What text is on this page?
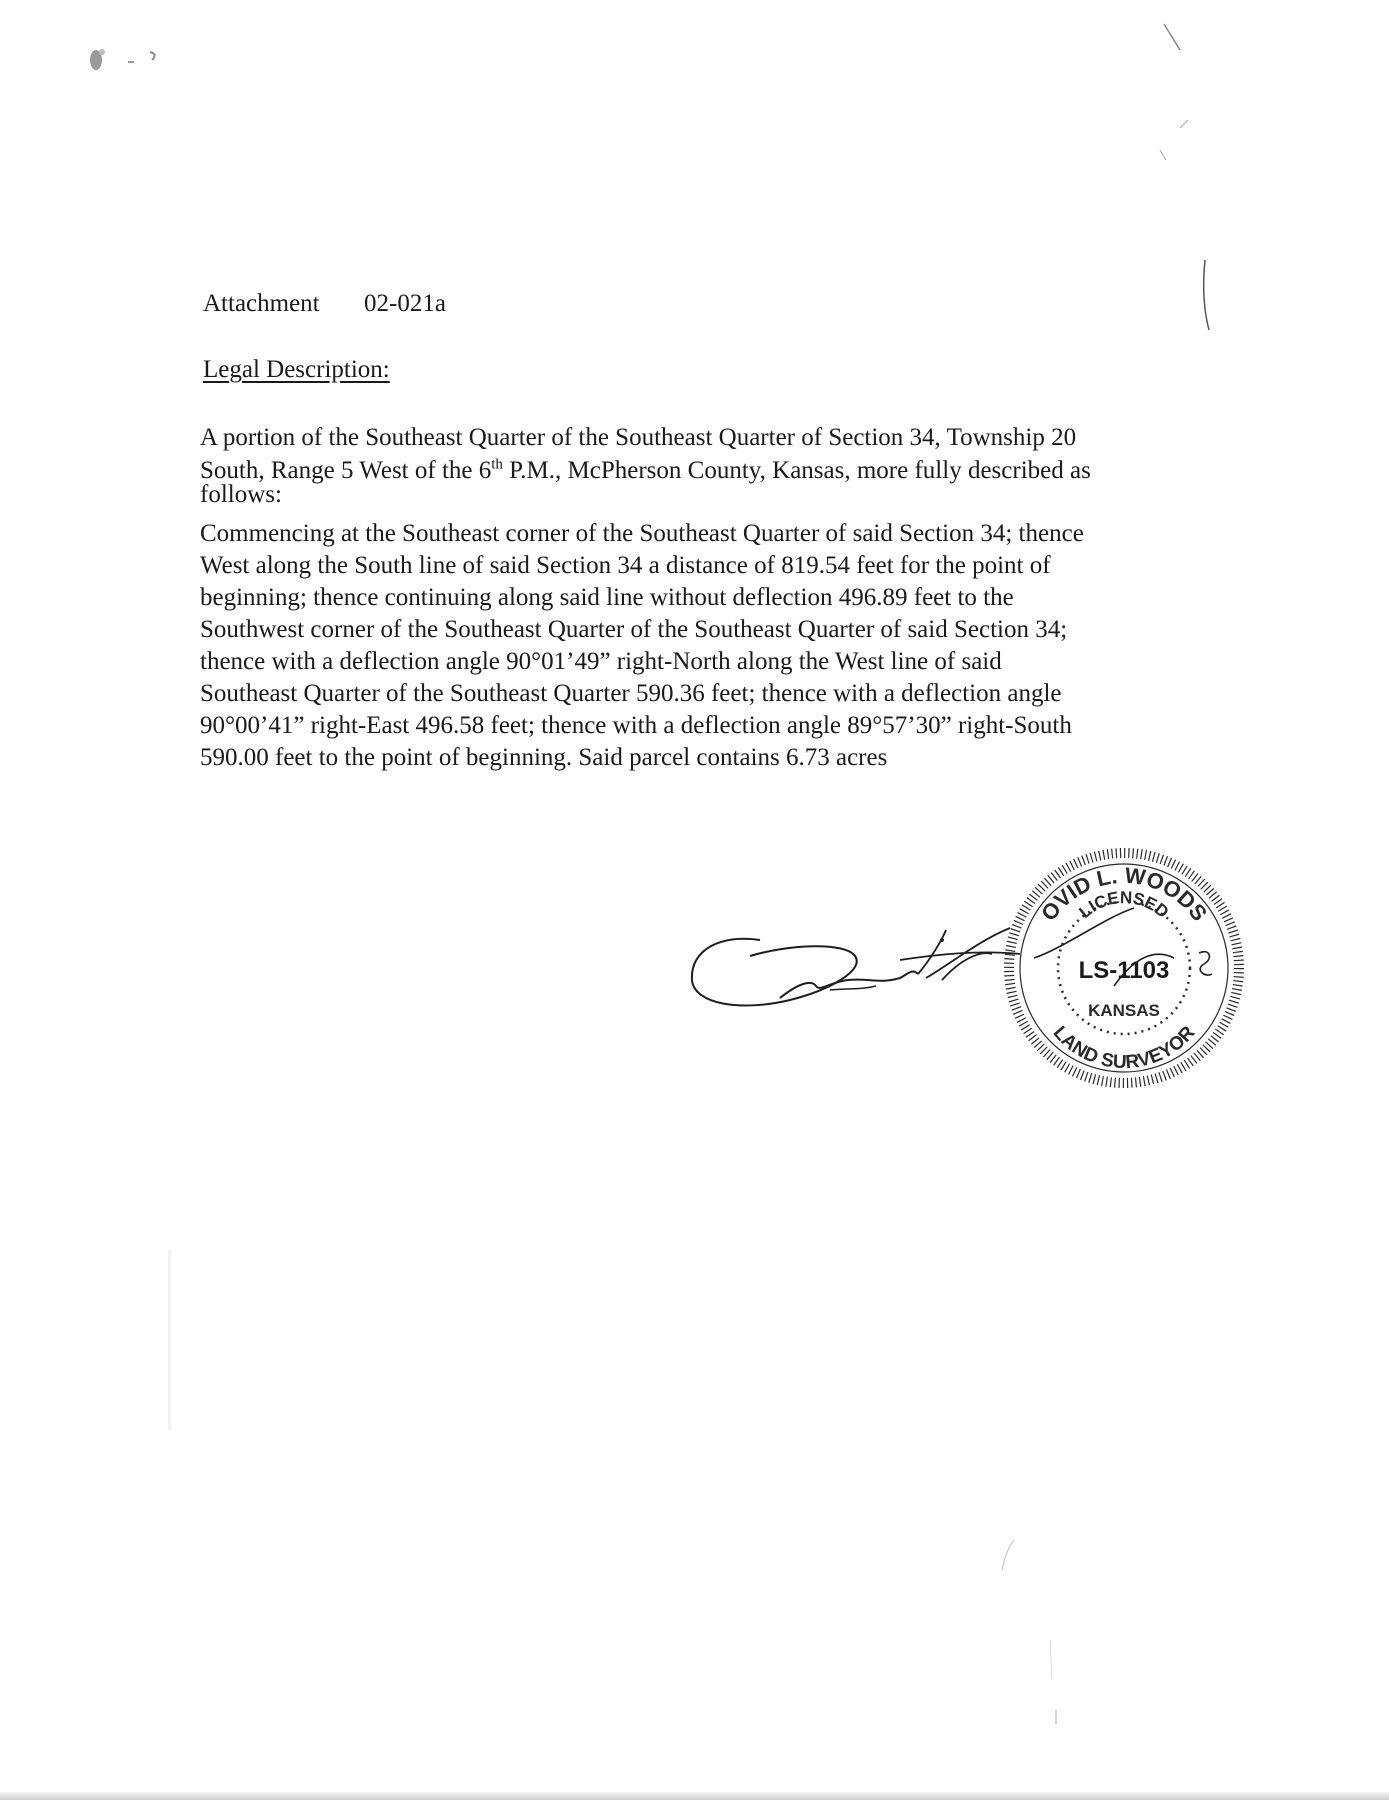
Attachment 02-021a
Legal Description:
A portion of the Southeast Quarter of the Southeast Quarter of Section 34, Township 20
South, Range 5 West of the 6th P.M., McPherson County, Kansas, more fully described as
follows:
Commencing at the Southeast corner of the Southeast Quarter of said Section 34; thence
West along the South line of said Section 34 a distance of 819.54 feet for the point of
beginning; thence continuing along said line without deflection 496.89 feet to the
Southwest corner of the Southeast Quarter of the Southeast Quarter of said Section 34;
thence with a deflection angle 90°01’49” right-North along the West line of said
Southeast Quarter of the Southeast Quarter 590.36 feet; thence with a deflection angle
90°00’41” right-East 496.58 feet; thence with a deflection angle 89°57’30” right-South
590.00 feet to the point of beginning. Said parcel contains 6.73 acres
OVID L. WOODS
LICENSED
LS-1103
KANSAS
LAND SURVEYOR
